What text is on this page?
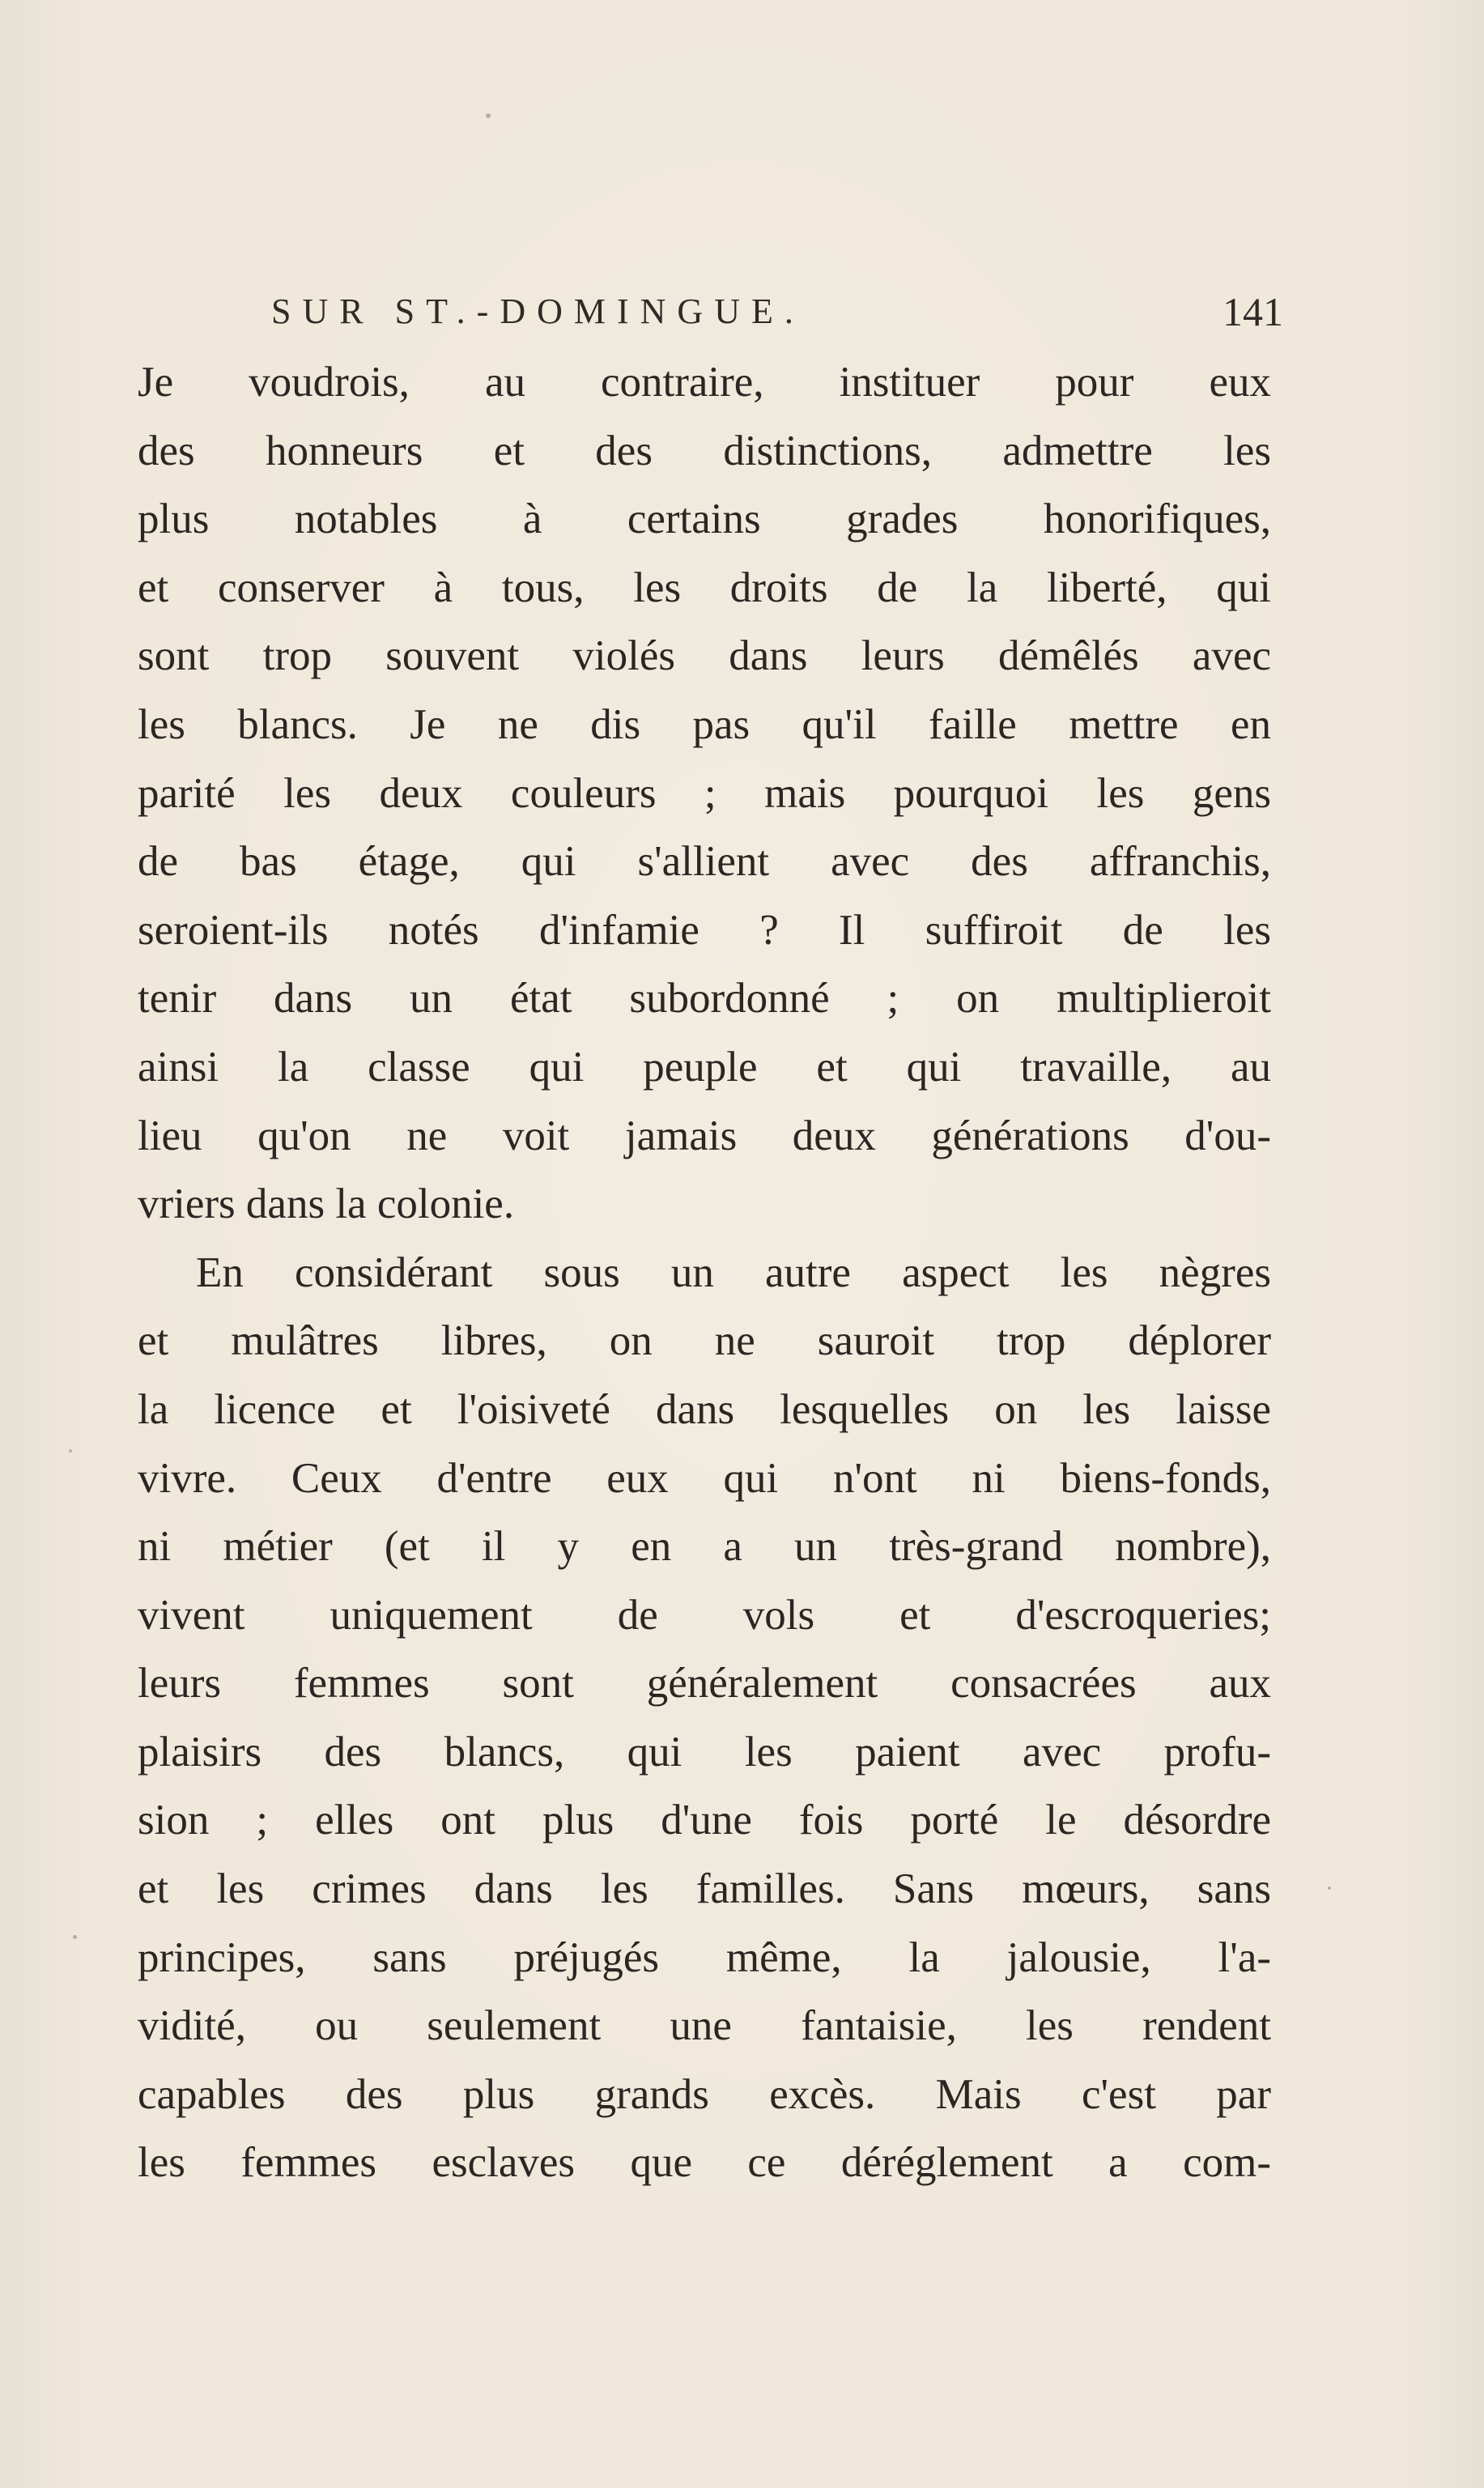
SUR ST.-DOMINGUE.	141
Je voudrois, au contraire, instituer pour eux
des honneurs et des distinctions, admettre les
plus notables à certains grades honorifiques,
et conserver à tous, les droits de la liberté, qui
sont trop souvent violés dans leurs démêlés avec
les blancs. Je ne dis pas qu'il faille mettre en
parité les deux couleurs ; mais pourquoi les gens
de bas étage, qui s'allient avec des affranchis,
seroient-ils notés d'infamie ? Il suffiroit de les
tenir dans un état subordonné ; on multiplieroit
ainsi la classe qui peuple et qui travaille, au
lieu qu'on ne voit jamais deux générations d'ou-
vriers dans la colonie.
En considérant sous un autre aspect les nègres
et mulâtres libres, on ne sauroit trop déplorer
la licence et l'oisiveté dans lesquelles on les laisse
vivre. Ceux d'entre eux qui n'ont ni biens-fonds,
ni métier (et il y en a un très-grand nombre),
vivent uniquement de vols et d'escroqueries;
leurs femmes sont généralement consacrées aux
plaisirs des blancs, qui les paient avec profu-
sion ; elles ont plus d'une fois porté le désordre
et les crimes dans les familles. Sans mœurs, sans
principes, sans préjugés même, la jalousie, l'a-
vidité, ou seulement une fantaisie, les rendent
capables des plus grands excès. Mais c'est par
les femmes esclaves que ce déréglement a com-
